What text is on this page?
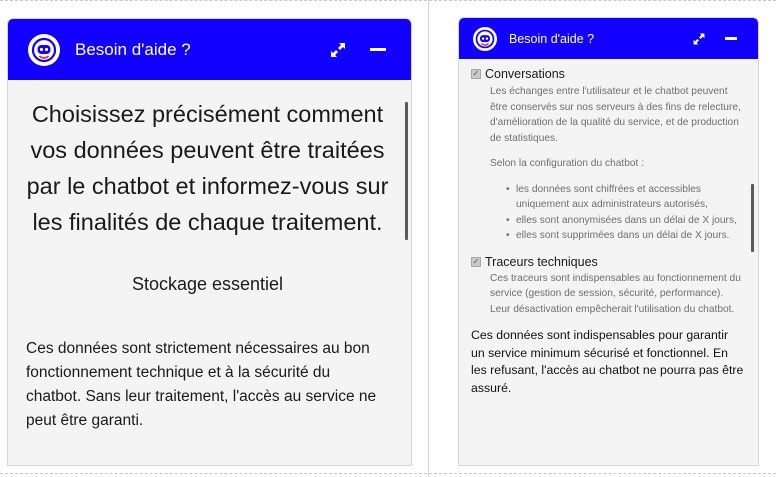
Besoin d'aide ?
Choisissez précisément comment vos données peuvent être traitées par le chatbot et informez-vous sur les finalités de chaque traitement.
Stockage essentiel
Ces données sont strictement nécessaires au bon fonctionnement technique et à la sécurité du chatbot. Sans leur traitement, l'accès au service ne peut être garanti.
Besoin d'aide ?
✓ Conversations

Les échanges entre l'utilisateur et le chatbot peuvent être conservés sur nos serveurs à des fins de relecture, d'amélioration de la qualité du service, et de production de statistiques.

Selon la configuration du chatbot :

• les données sont chiffrées et accessibles uniquement aux administrateurs autorisés,
• elles sont anonymisées dans un délai de X jours,
• elles sont supprimées dans un délai de X jours.
✓ Traceurs techniques

Ces traceurs sont indispensables au fonctionnement du service (gestion de session, sécurité, performance). Leur désactivation empêcherait l'utilisation du chatbot.

Ces données sont indispensables pour garantir un service minimum sécurisé et fonctionnel. En les refusant, l'accès au chatbot ne pourra pas être assuré.
